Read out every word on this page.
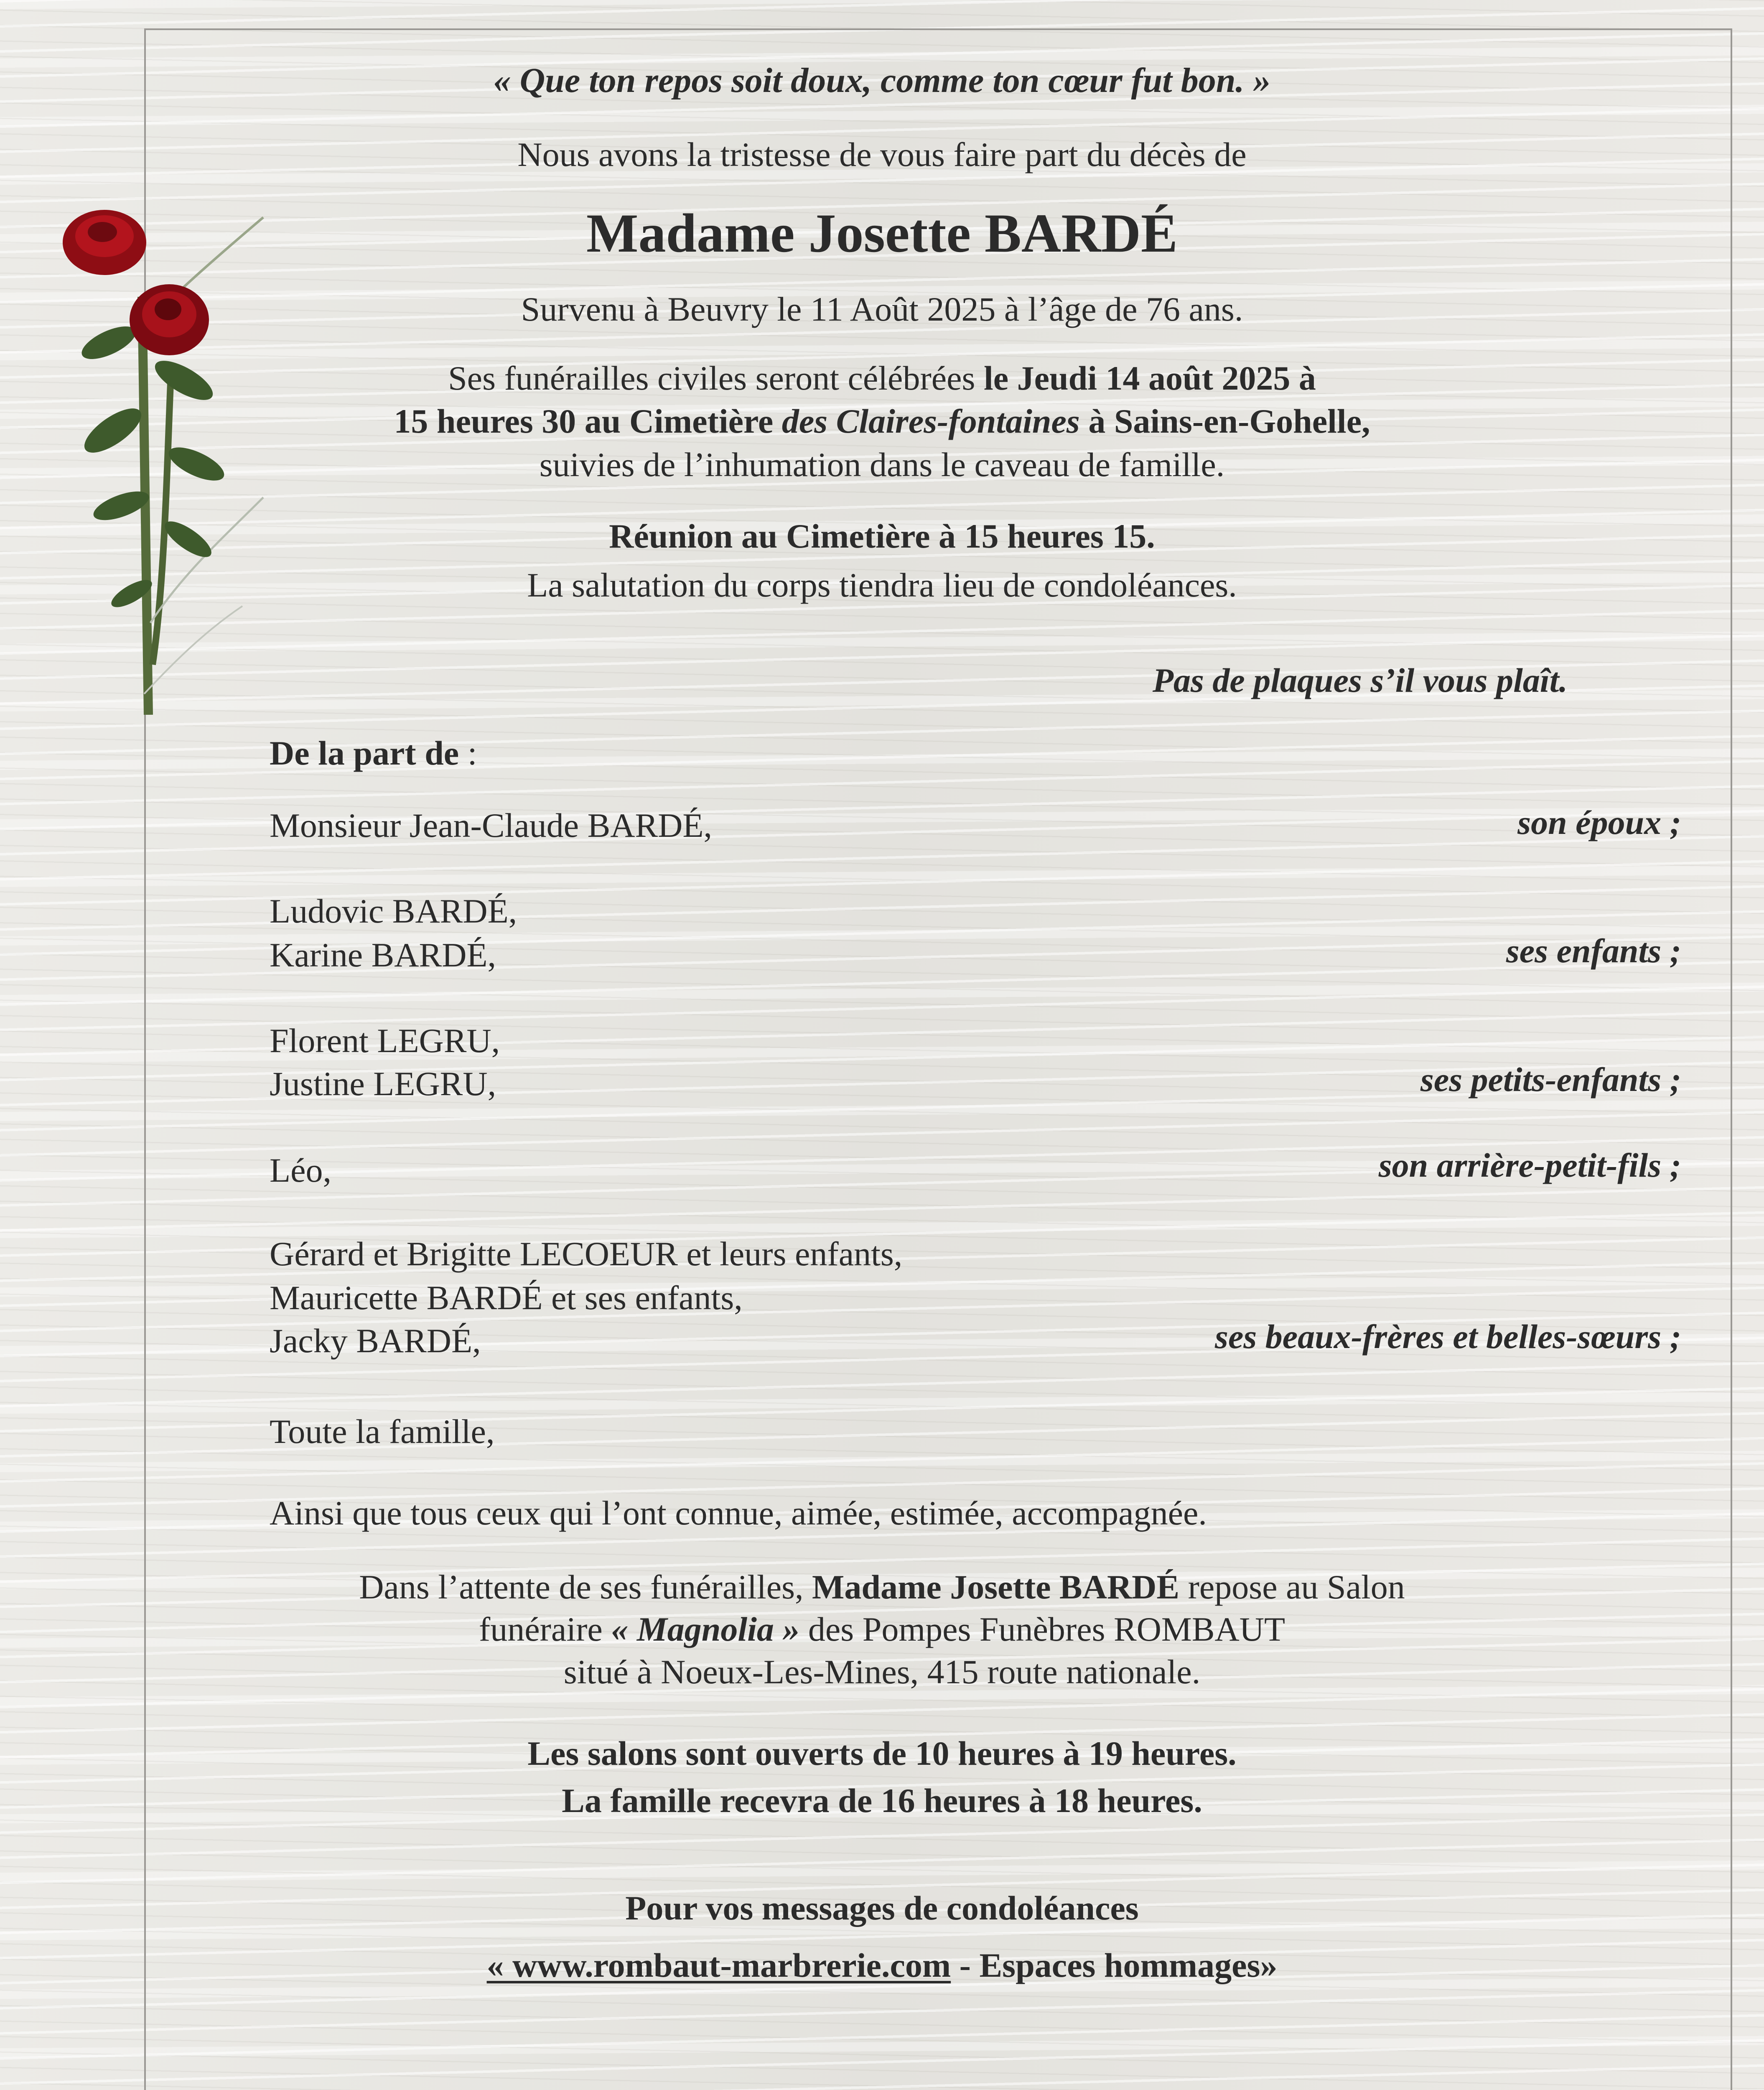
« Que ton repos soit doux, comme ton cœur fut bon. »

Nous avons la tristesse de vous faire part du décès de

Madame Josette BARDÉ

Survenu à Beuvry le 11 Août 2025 à l’âge de 76 ans.

Ses funérailles civiles seront célébrées le Jeudi 14 août 2025 à

15 heures 30 au Cimetière des Claires-fontaines à Sains-en-Gohelle,

suivies de l’inhumation dans le caveau de famille.

Réunion au Cimetière à 15 heures 15.

La salutation du corps tiendra lieu de condoléances.

Pas de plaques s’il vous plaît.

De la part de :

Monsieur Jean-Claude BARDÉ,	son époux ;

Ludovic BARDÉ,

Karine BARDÉ,	ses enfants ;

Florent LEGRU,

Justine LEGRU,	ses petits-enfants ;

Léo,	son arrière-petit-fils ;

Gérard et Brigitte LECOEUR et leurs enfants,

Mauricette BARDÉ et ses enfants,

Jacky BARDÉ,	ses beaux-frères et belles-sœurs ;

Toute la famille,

Ainsi que tous ceux qui l’ont connue, aimée, estimée, accompagnée.

Dans l’attente de ses funérailles, Madame Josette BARDÉ repose au Salon

funéraire « Magnolia » des Pompes Funèbres ROMBAUT

situé à Noeux-Les-Mines, 415 route nationale.

Les salons sont ouverts de 10 heures à 19 heures.

La famille recevra de 16 heures à 18 heures.

Pour vos messages de condoléances

« www.rombaut-marbrerie.com - Espaces hommages»
